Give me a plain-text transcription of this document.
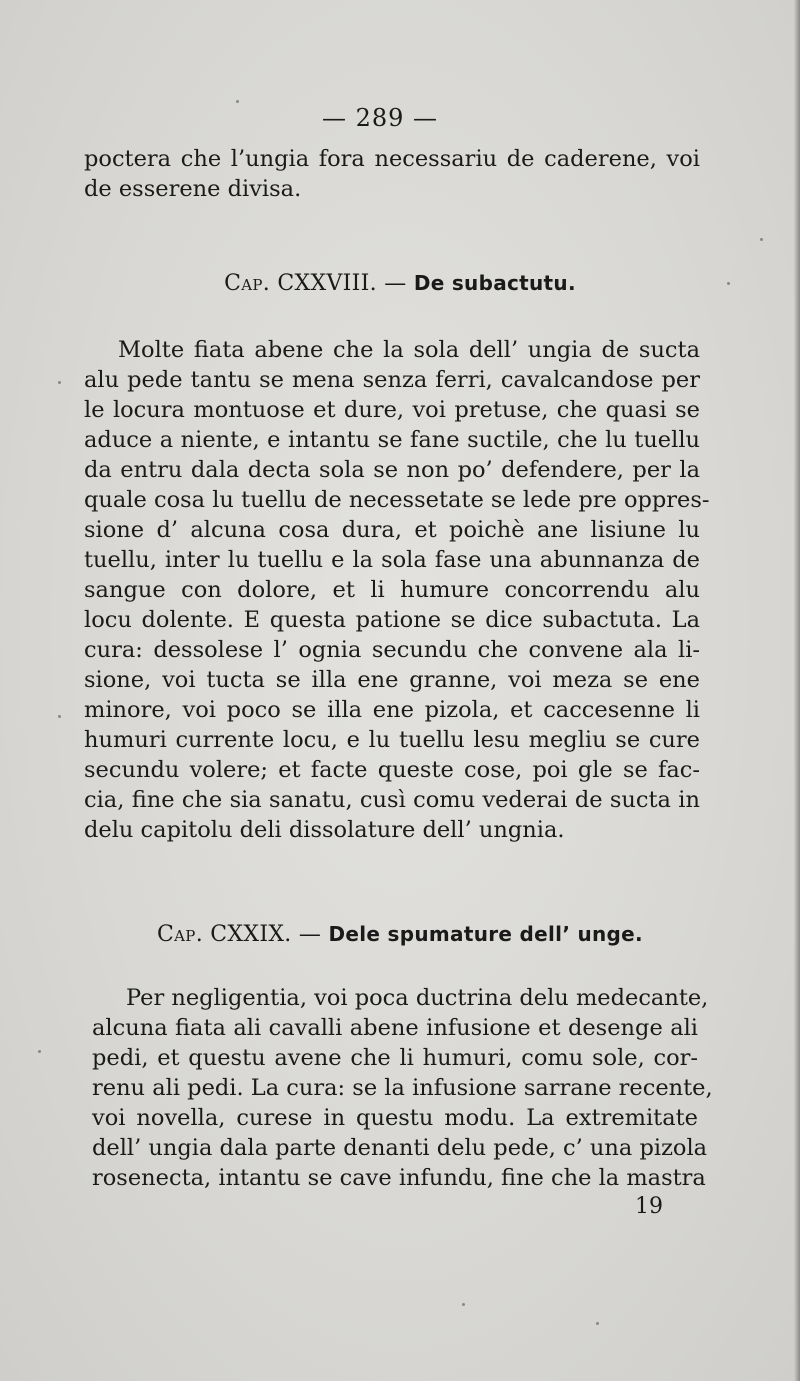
— 289 —
poctera che l’ungia fora necessariu de caderene, voi
de esserene divisa.
Cap. CXXVIII. — De subactutu.
Molte fiata abene che la sola dell’ ungia de sucta
alu pede tantu se mena senza ferri, cavalcandose per
le locura montuose et dure, voi pretuse, che quasi se
aduce a niente, e intantu se fane suctile, che lu tuellu
da entru dala decta sola se non po’ defendere, per la
quale cosa lu tuellu de necessetate se lede pre oppres-
sione d’ alcuna cosa dura, et poichè ane lisiune lu
tuellu, inter lu tuellu e la sola fase una abunnanza de
sangue con dolore, et li humure concorrendu alu
locu dolente. E questa patione se dice subactuta. La
cura: dessolese l’ ognia secundu che convene ala li-
sione, voi tucta se illa ene granne, voi meza se ene
minore, voi poco se illa ene pizola, et caccesenne li
humuri currente locu, e lu tuellu lesu megliu se cure
secundu volere; et facte queste cose, poi gle se fac-
cia, fine che sia sanatu, cusì comu vederai de sucta in
delu capitolu deli dissolature dell’ ungnia.
Cap. CXXIX. — Dele spumature dell’ unge.
Per negligentia, voi poca ductrina delu medecante,
alcuna fiata ali cavalli abene infusione et desenge ali
pedi, et questu avene che li humuri, comu sole, cor-
renu ali pedi. La cura: se la infusione sarrane recente,
voi novella, curese in questu modu. La extremitate
dell’ ungia dala parte denanti delu pede, c’ una pizola
rosenecta, intantu se cave infundu, fine che la mastra
19
